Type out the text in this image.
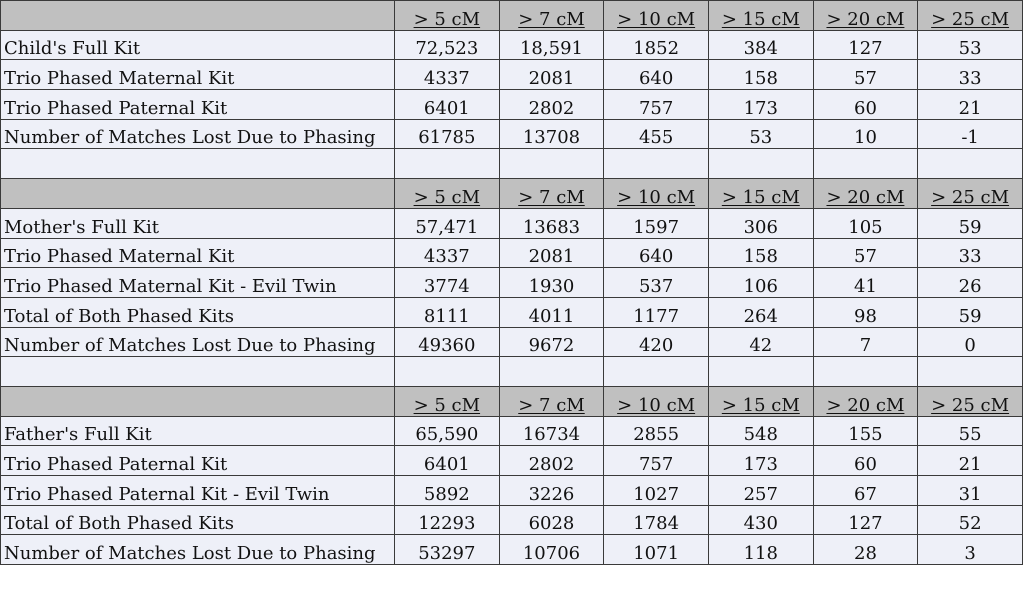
	> 5 cM	> 7 cM	> 10 cM	> 15 cM	> 20 cM	> 25 cM
Child's Full Kit	72,523	18,591	1852	384	127	53
Trio Phased Maternal Kit	4337	2081	640	158	57	33
Trio Phased Paternal Kit	6401	2802	757	173	60	21
Number of Matches Lost Due to Phasing	61785	13708	455	53	10	-1

	> 5 cM	> 7 cM	> 10 cM	> 15 cM	> 20 cM	> 25 cM
Mother's Full Kit	57,471	13683	1597	306	105	59
Trio Phased Maternal Kit	4337	2081	640	158	57	33
Trio Phased Maternal Kit - Evil Twin	3774	1930	537	106	41	26
Total of Both Phased Kits	8111	4011	1177	264	98	59
Number of Matches Lost Due to Phasing	49360	9672	420	42	7	0

	> 5 cM	> 7 cM	> 10 cM	> 15 cM	> 20 cM	> 25 cM
Father's Full Kit	65,590	16734	2855	548	155	55
Trio Phased Paternal Kit	6401	2802	757	173	60	21
Trio Phased Paternal Kit - Evil Twin	5892	3226	1027	257	67	31
Total of Both Phased Kits	12293	6028	1784	430	127	52
Number of Matches Lost Due to Phasing	53297	10706	1071	118	28	3
